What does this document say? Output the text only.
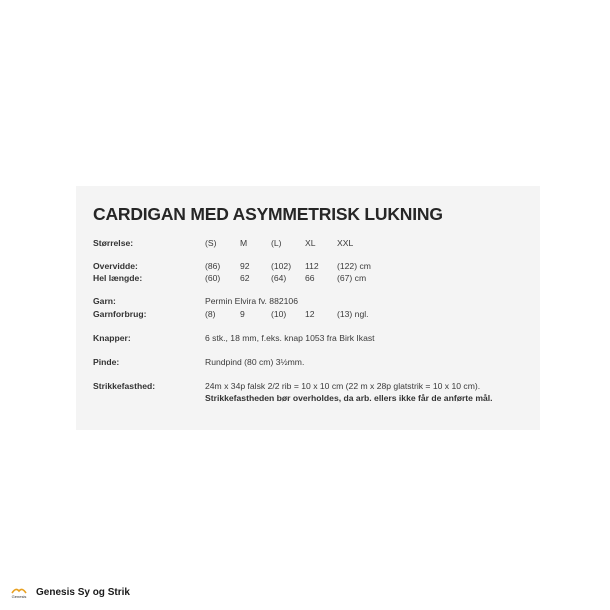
CARDIGAN MED ASYMMETRISK LUKNING
Størrelse:	(S)	M	(L)	XL XXL
Overvidde:	(86) 92 (102) 112 (122) cm
Hel længde:	(60) 62 (64) 66	(67) cm
Garn:	Permin Elvira fv. 882106
Garnforbrug:	(8)	9	(10) 12	(13) ngl.
Knapper:	6 stk., 18 mm, f.eks. knap 1053 fra Birk Ikast
Pinde:	Rundpind (80 cm) 3½mm.
Strikkefasthed:	24m x 34p falsk 2/2 rib = 10 x 10 cm (22 m x 28p glatstrik = 10 x 10 cm).
Strikkefastheden bør overholdes, da arb. ellers ikke får de anførte mål.
Genesis Genesis Sy og Strik
